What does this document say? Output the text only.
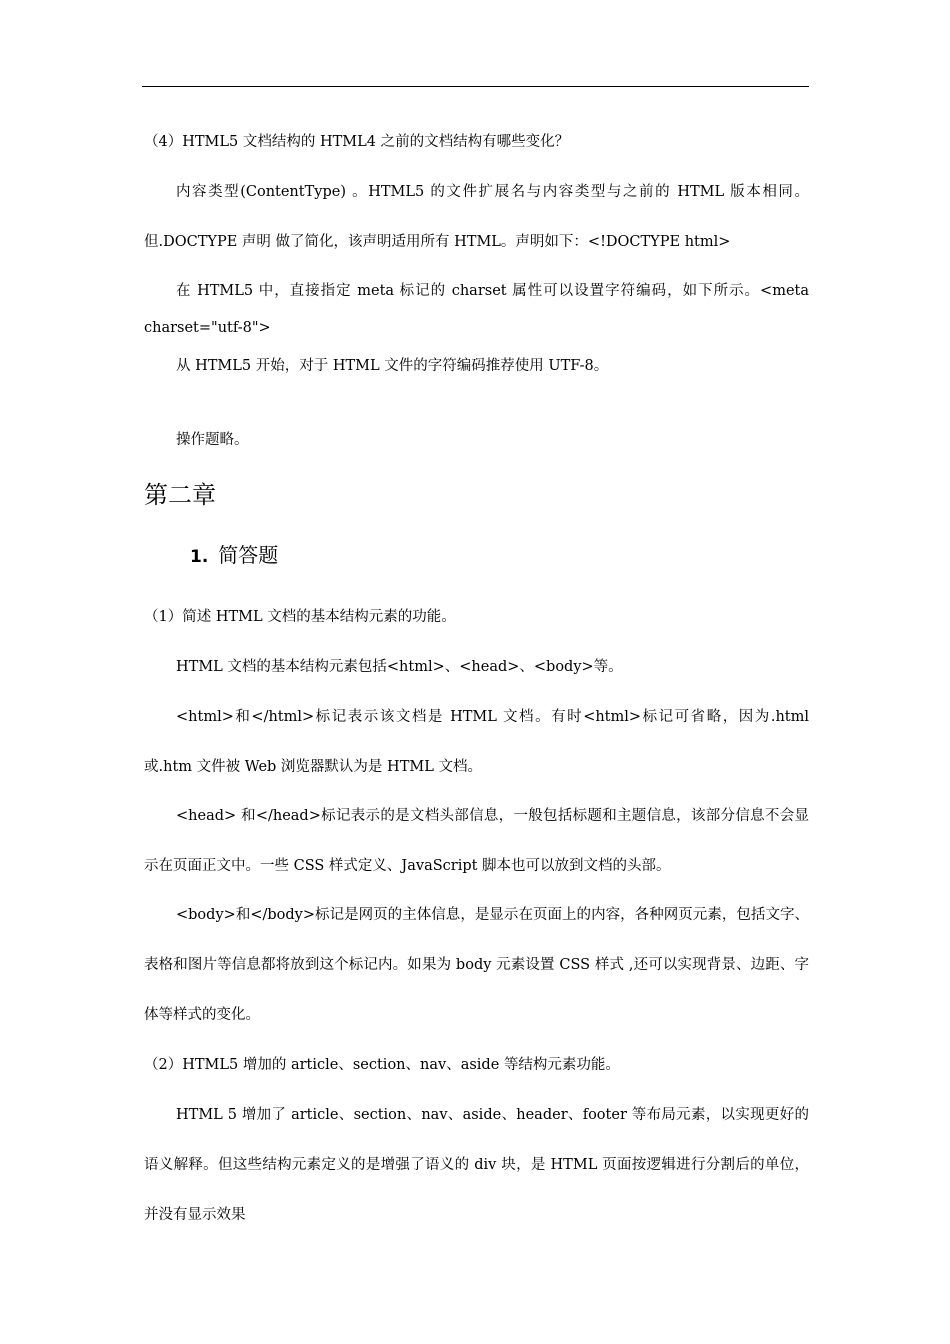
（4）HTML5 文档结构的 HTML4 之前的文档结构有哪些变化？

内容类型(ContentType) 。HTML5 的文件扩展名与内容类型与之前的 HTML 版本相同。但.DOCTYPE 声明 做了简化，该声明适用所有 HTML。声明如下：<!DOCTYPE html>

在 HTML5 中，直接指定 meta 标记的 charset 属性可以设置字符编码，如下所示。<meta charset="utf-8">

从 HTML5 开始，对于 HTML 文件的字符编码推荐使用 UTF-8。

操作题略。

第二章
1. 简答题

（1）简述 HTML 文档的基本结构元素的功能。

HTML 文档的基本结构元素包括<html>、<head>、<body>等。

<html>和</html>标记表示该文档是 HTML 文档。有时<html>标记可省略，因为.html 或.htm 文件被 Web 浏览器默认为是 HTML 文档。

<head> 和</head>标记表示的是文档头部信息，一般包括标题和主题信息，该部分信息不会显示在页面正文中。一些 CSS 样式定义、JavaScript 脚本也可以放到文档的头部。

<body>和</body>标记是网页的主体信息，是显示在页面上的内容，各种网页元素，包括文字、表格和图片等信息都将放到这个标记内。如果为 body 元素设置 CSS 样式 ,还可以实现背景、边距、字体等样式的变化。

（2）HTML5 增加的 article、section、nav、aside 等结构元素功能。

HTML 5 增加了 article、section、nav、aside、header、footer 等布局元素，以实现更好的语义解释。但这些结构元素定义的是增强了语义的 div 块，是 HTML 页面按逻辑进行分割后的单位，并没有显示效果
